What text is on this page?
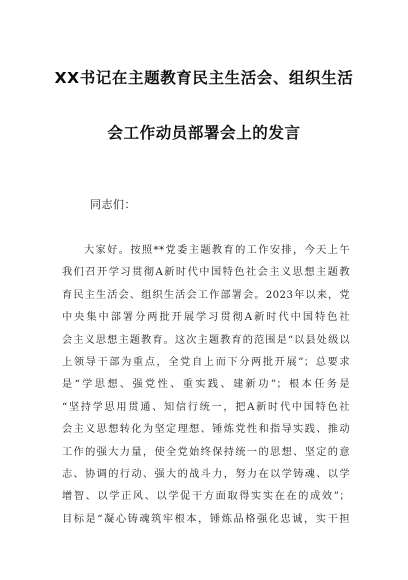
XX书记在主题教育民主生活会、组织生活
会工作动员部署会上的发言
同志们：
大家好。按照**党委主题教育的工作安排，今天上午
我们召开学习贯彻A新时代中国特色社会主义思想主题教
育民主生活会、组织生活会工作部署会。2023年以来，党
中央集中部署分两批开展学习贯彻A新时代中国特色社
会主义思想主题教育。这次主题教育的范围是“以县处级以
上领导干部为重点，全党自上而下分两批开展”；总要求
是“学思想、强党性、重实践、建新功”；根本任务是
“坚持学思用贯通、知信行统一，把A新时代中国特色社
会主义思想转化为坚定理想、锤炼党性和指导实践、推动
工作的强大力量，使全党始终保持统一的思想、坚定的意
志、协调的行动、强大的战斗力，努力在以学铸魂、以学
增智、以学正风、以学促干方面取得实实在在的成效”；
目标是“凝心铸魂筑牢根本，锤炼品格强化忠诚，实干担
